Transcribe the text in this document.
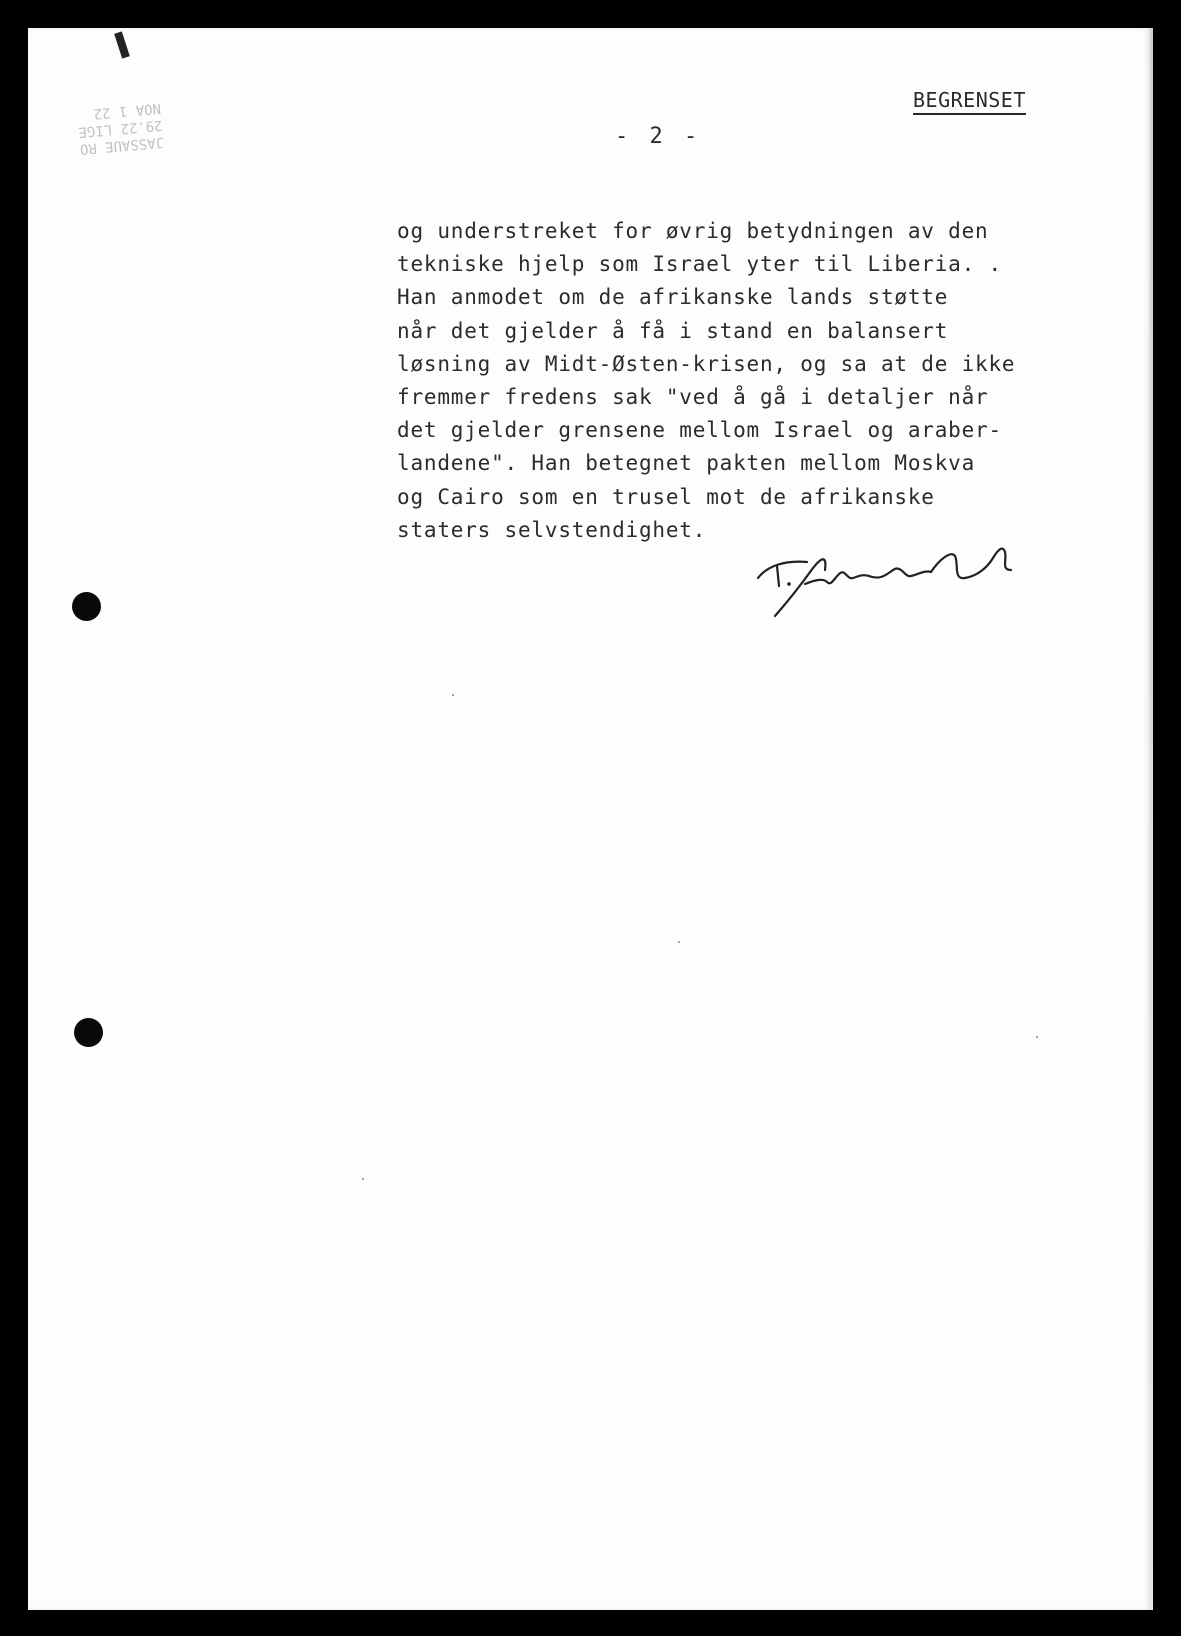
JASSAUE RO
29.22 LIGE
NOA 1 22	BEGRENSET
- 2 -
og understreket for øvrig betydningen av den
tekniske hjelp som Israel yter til Liberia. .
Han anmodet om de afrikanske lands støtte
når det gjelder å få i stand en balansert
løsning av Midt-Østen-krisen, og sa at de ikke
fremmer fredens sak "ved å gå i detaljer når
det gjelder grensene mellom Israel og araber-
landene". Han betegnet pakten mellom Moskva
og Cairo som en trusel mot de afrikanske
staters selvstendighet.
